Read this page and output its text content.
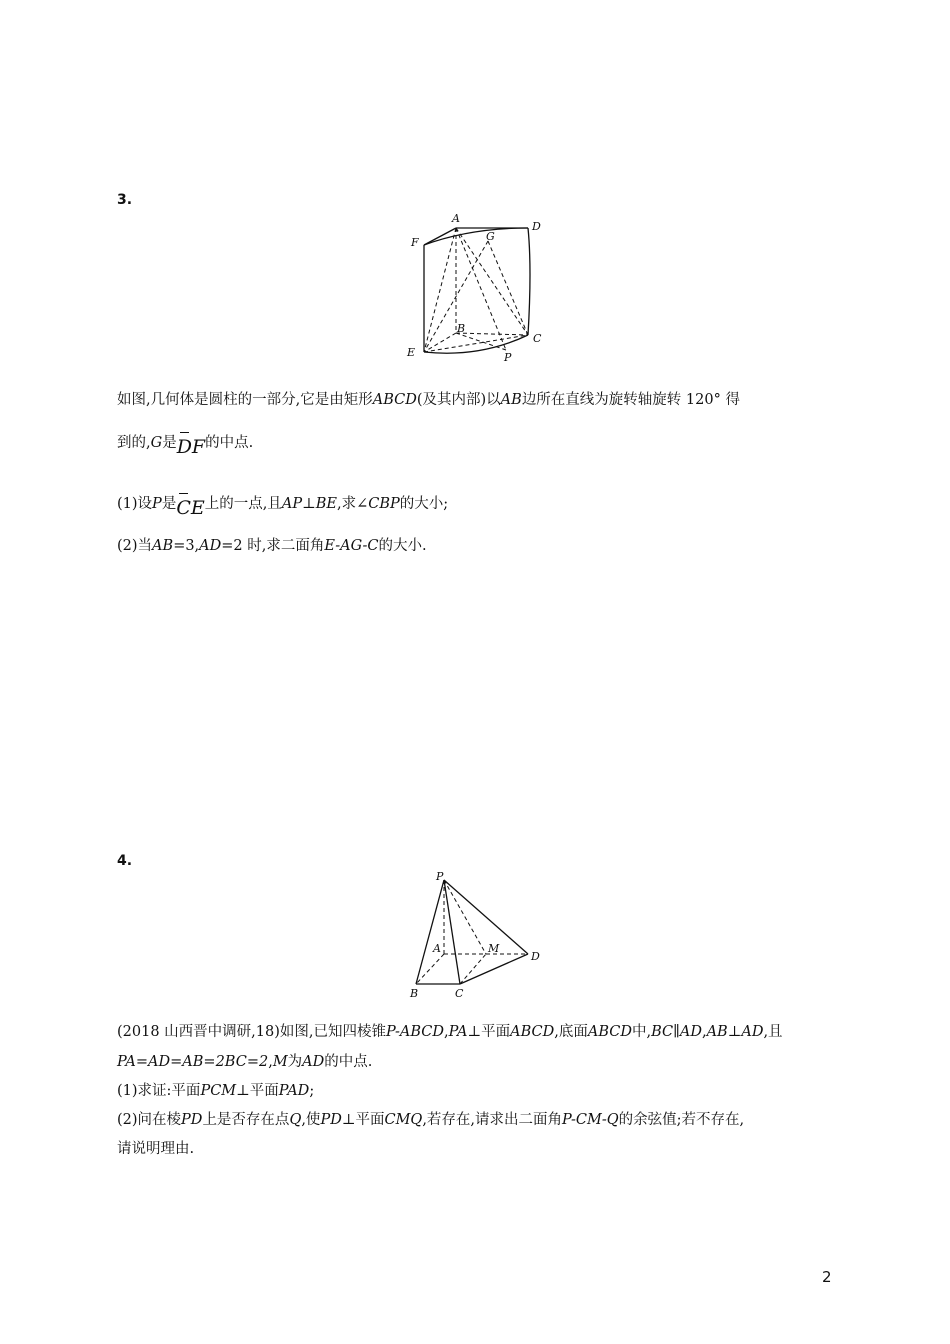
3.
A
D
F	G
B
C
E	P
如图,几何体是圆柱的一部分,它是由矩形ABCD(及其内部)以AB边所在直线为旋转轴旋转 120° 得
到的,G是DF的中点.
(1)设P是CE上的一点,且AP⊥BE,求∠CBP的大小;
(2)当AB=3,AD=2 时,求二面角E-AG-C的大小.
4.
P
A	M
D
B	C
(2018 山西晋中调研,18)如图,已知四棱锥P-ABCD,PA⊥平面ABCD,底面ABCD中,BC∥AD,AB⊥AD,且
PA=AD=AB=2BC=2,M为AD的中点.
(1)求证:平面PCM⊥平面PAD;
(2)问在棱PD上是否存在点Q,使PD⊥平面CMQ,若存在,请求出二面角P-CM-Q的余弦值;若不存在,
请说明理由.
2
